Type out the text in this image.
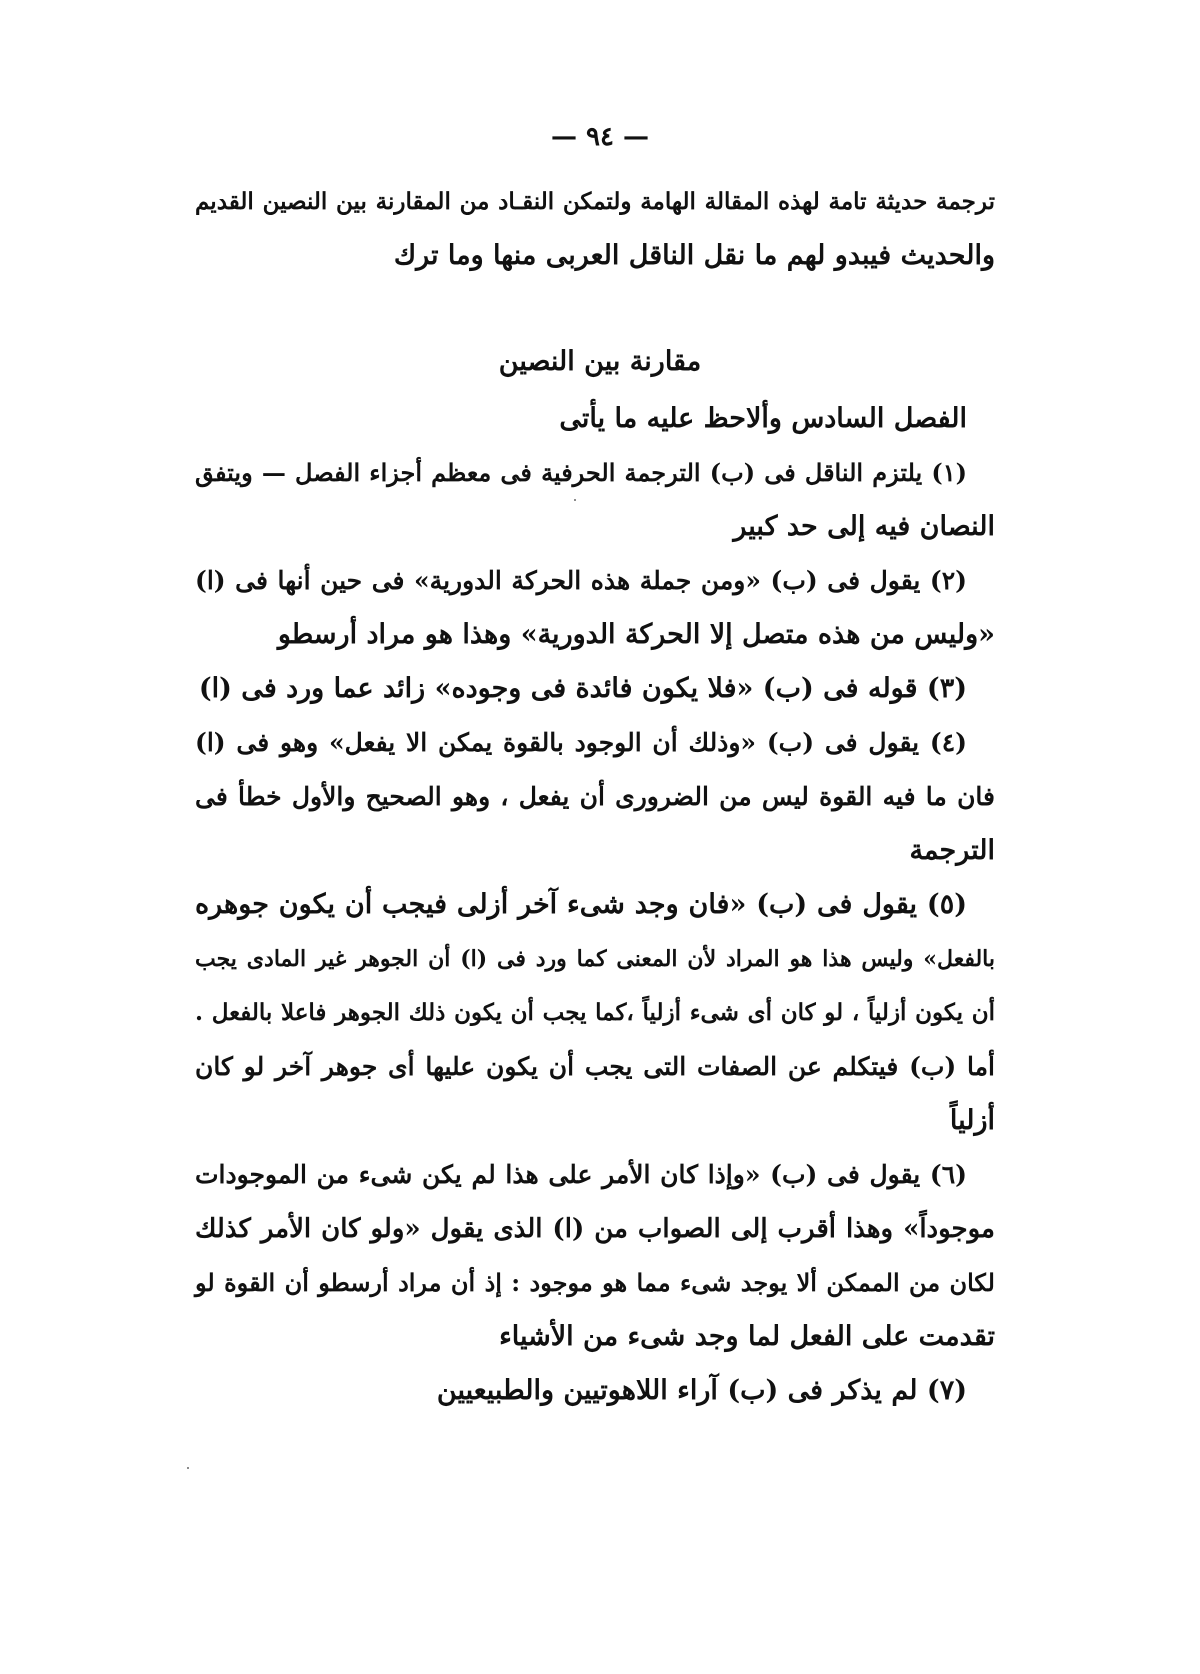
— ٩٤ —
ترجمة حديثة تامة لهذه المقالة الهامة ولتمكن النقـاد من المقارنة بين النصين القديم
والحديث فيبدو لهم ما نقل الناقل العربى منها وما ترك
مقارنة بين النصين
الفصل السادس وألاحظ عليه ما يأتى
(١) يلتزم الناقل فى (ب) الترجمة الحرفية فى معظم أجزاء الفصل — ويتفق
النصان فيه إلى حد كبير
(٢) يقول فى (ب) «ومن جملة هذه الحركة الدورية» فى حين أنها فى (ا)
«وليس من هذه متصل إلا الحركة الدورية» وهذا هو مراد أرسطو
(٣) قوله فى (ب) «فلا يكون فائدة فى وجوده» زائد عما ورد فى (ا)
(٤) يقول فى (ب) «وذلك أن الوجود بالقوة يمكن الا يفعل» وهو فى (ا)
فان ما فيه القوة ليس من الضرورى أن يفعل ، وهو الصحيح والأول خطأ فى
الترجمة
(٥) يقول فى (ب) «فان وجد شىء آخر أزلى فيجب أن يكون جوهره
بالفعل» وليس هذا هو المراد لأن المعنى كما ورد فى (ا) أن الجوهر غير المادى يجب
أن يكون أزلياً ، لو كان أى شىء أزلياً ،كما يجب أن يكون ذلك الجوهر فاعلا بالفعل .
أما (ب) فيتكلم عن الصفات التى يجب أن يكون عليها أى جوهر آخر لو كان
أزلياً
(٦) يقول فى (ب) «وإذا كان الأمر على هذا لم يكن شىء من الموجودات
موجوداً» وهذا أقرب إلى الصواب من (ا) الذى يقول «ولو كان الأمر كذلك
لكان من الممكن ألا يوجد شىء مما هو موجود : إذ أن مراد أرسطو أن القوة لو
تقدمت على الفعل لما وجد شىء من الأشياء
(٧) لم يذكر فى (ب) آراء اللاهوتيين والطبيعيين
